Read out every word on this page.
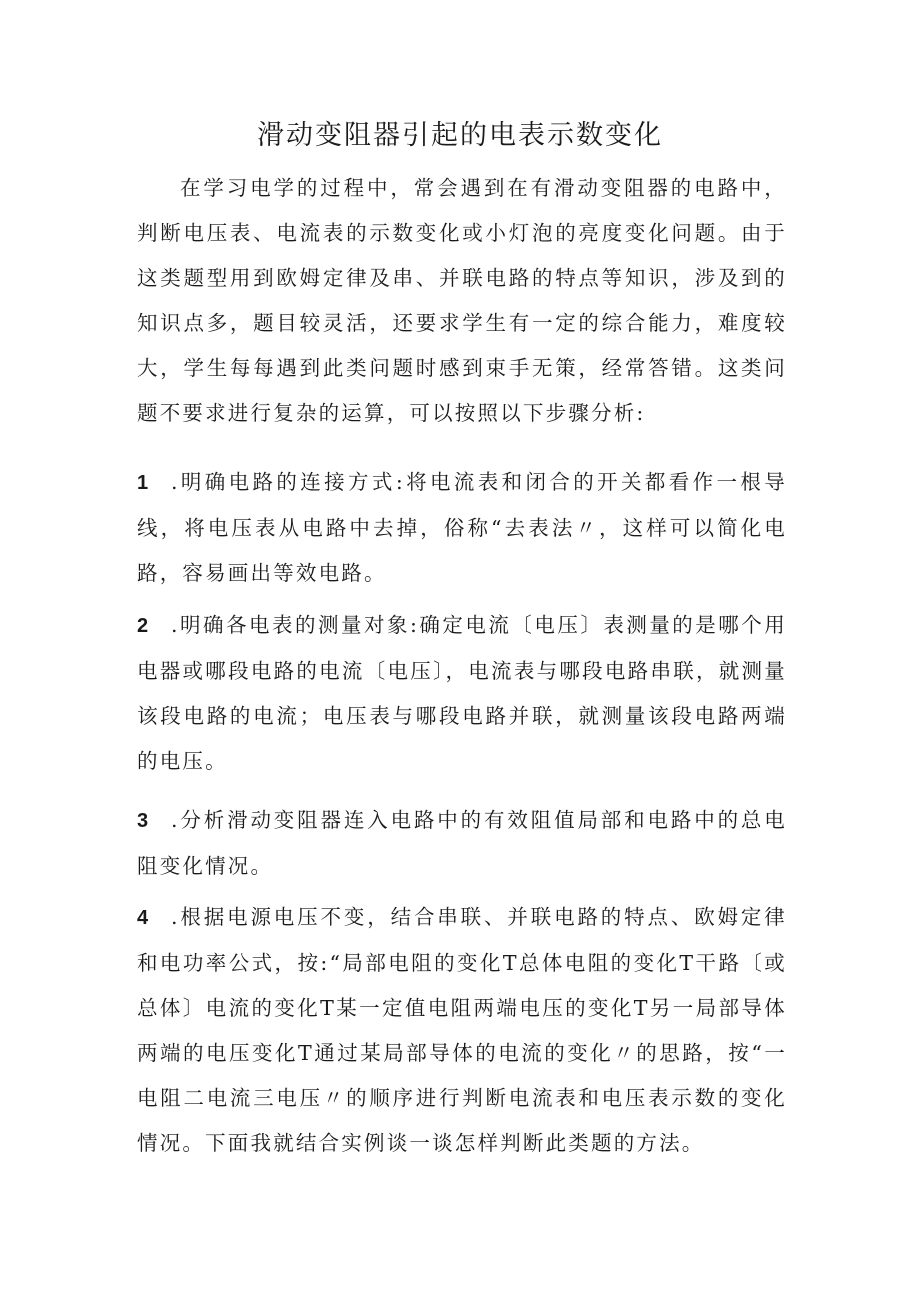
滑动变阻器引起的电表示数变化

在学习电学的过程中，常会遇到在有滑动变阻器的电路中，判断电压表、电流表的示数变化或小灯泡的亮度变化问题。由于这类题型用到欧姆定律及串、并联电路的特点等知识，涉及到的知识点多，题目较灵活，还要求学生有一定的综合能力，难度较大，学生每每遇到此类问题时感到束手无策，经常答错。这类问题不要求进行复杂的运算，可以按照以下步骤分析:

1 .明确电路的连接方式:将电流表和闭合的开关都看作一根导线，将电压表从电路中去掉，俗称“去表法〃，这样可以简化电路，容易画出等效电路。

2 .明确各电表的测量对象:确定电流〔电压〕表测量的是哪个用电器或哪段电路的电流〔电压〕，电流表与哪段电路串联，就测量该段电路的电流；电压表与哪段电路并联，就测量该段电路两端的电压。

3 .分析滑动变阻器连入电路中的有效阻值局部和电路中的总电阻变化情况。

4 .根据电源电压不变，结合串联、并联电路的特点、欧姆定律和电功率公式，按:“局部电阻的变化T总体电阻的变化T干路〔或总体〕电流的变化T某一定值电阻两端电压的变化T另一局部导体两端的电压变化T通过某局部导体的电流的变化〃的思路，按“一电阻二电流三电压〃的顺序进行判断电流表和电压表示数的变化情况。下面我就结合实例谈一谈怎样判断此类题的方法。
